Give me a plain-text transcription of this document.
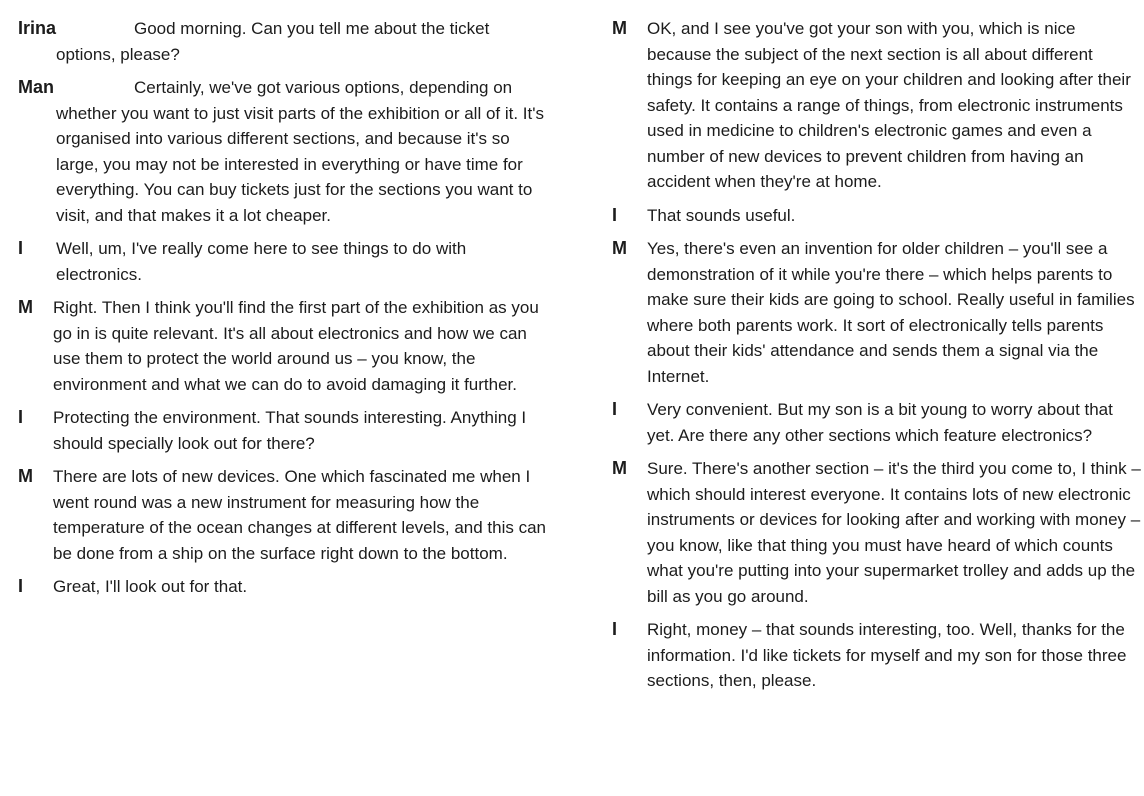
Irina	Good morning. Can you tell me about the ticket options, please?
Man	Certainly, we've got various options, depending on whether you want to just visit parts of the exhibition or all of it. It's organised into various different sections, and because it's so large, you may not be interested in everything or have time for everything. You can buy tickets just for the sections you want to visit, and that makes it a lot cheaper.
I Well, um, I've really come here to see things to do with electronics.
M Right. Then I think you'll find the first part of the exhibition as you go in is quite relevant. It's all about electronics and how we can use them to protect the world around us – you know, the environment and what we can do to avoid damaging it further.
I Protecting the environment. That sounds interesting. Anything I should specially look out for there?
M There are lots of new devices. One which fascinated me when I went round was a new instrument for measuring how the temperature of the ocean changes at different levels, and this can be done from a ship on the surface right down to the bottom.
I Great, I'll look out for that.
M OK, and I see you've got your son with you, which is nice because the subject of the next section is all about different things for keeping an eye on your children and looking after their safety. It contains a range of things, from electronic instruments used in medicine to children's electronic games and even a number of new devices to prevent children from having an accident when they're at home.
I That sounds useful.
M Yes, there's even an invention for older children – you'll see a demonstration of it while you're there – which helps parents to make sure their kids are going to school. Really useful in families where both parents work. It sort of electronically tells parents about their kids' attendance and sends them a signal via the Internet.
I Very convenient. But my son is a bit young to worry about that yet. Are there any other sections which feature electronics?
M Sure. There's another section – it's the third you come to, I think – which should interest everyone. It contains lots of new electronic instruments or devices for looking after and working with money – you know, like that thing you must have heard of which counts what you're putting into your supermarket trolley and adds up the bill as you go around.
I Right, money – that sounds interesting, too. Well, thanks for the information. I'd like tickets for myself and my son for those three sections, then, please.
